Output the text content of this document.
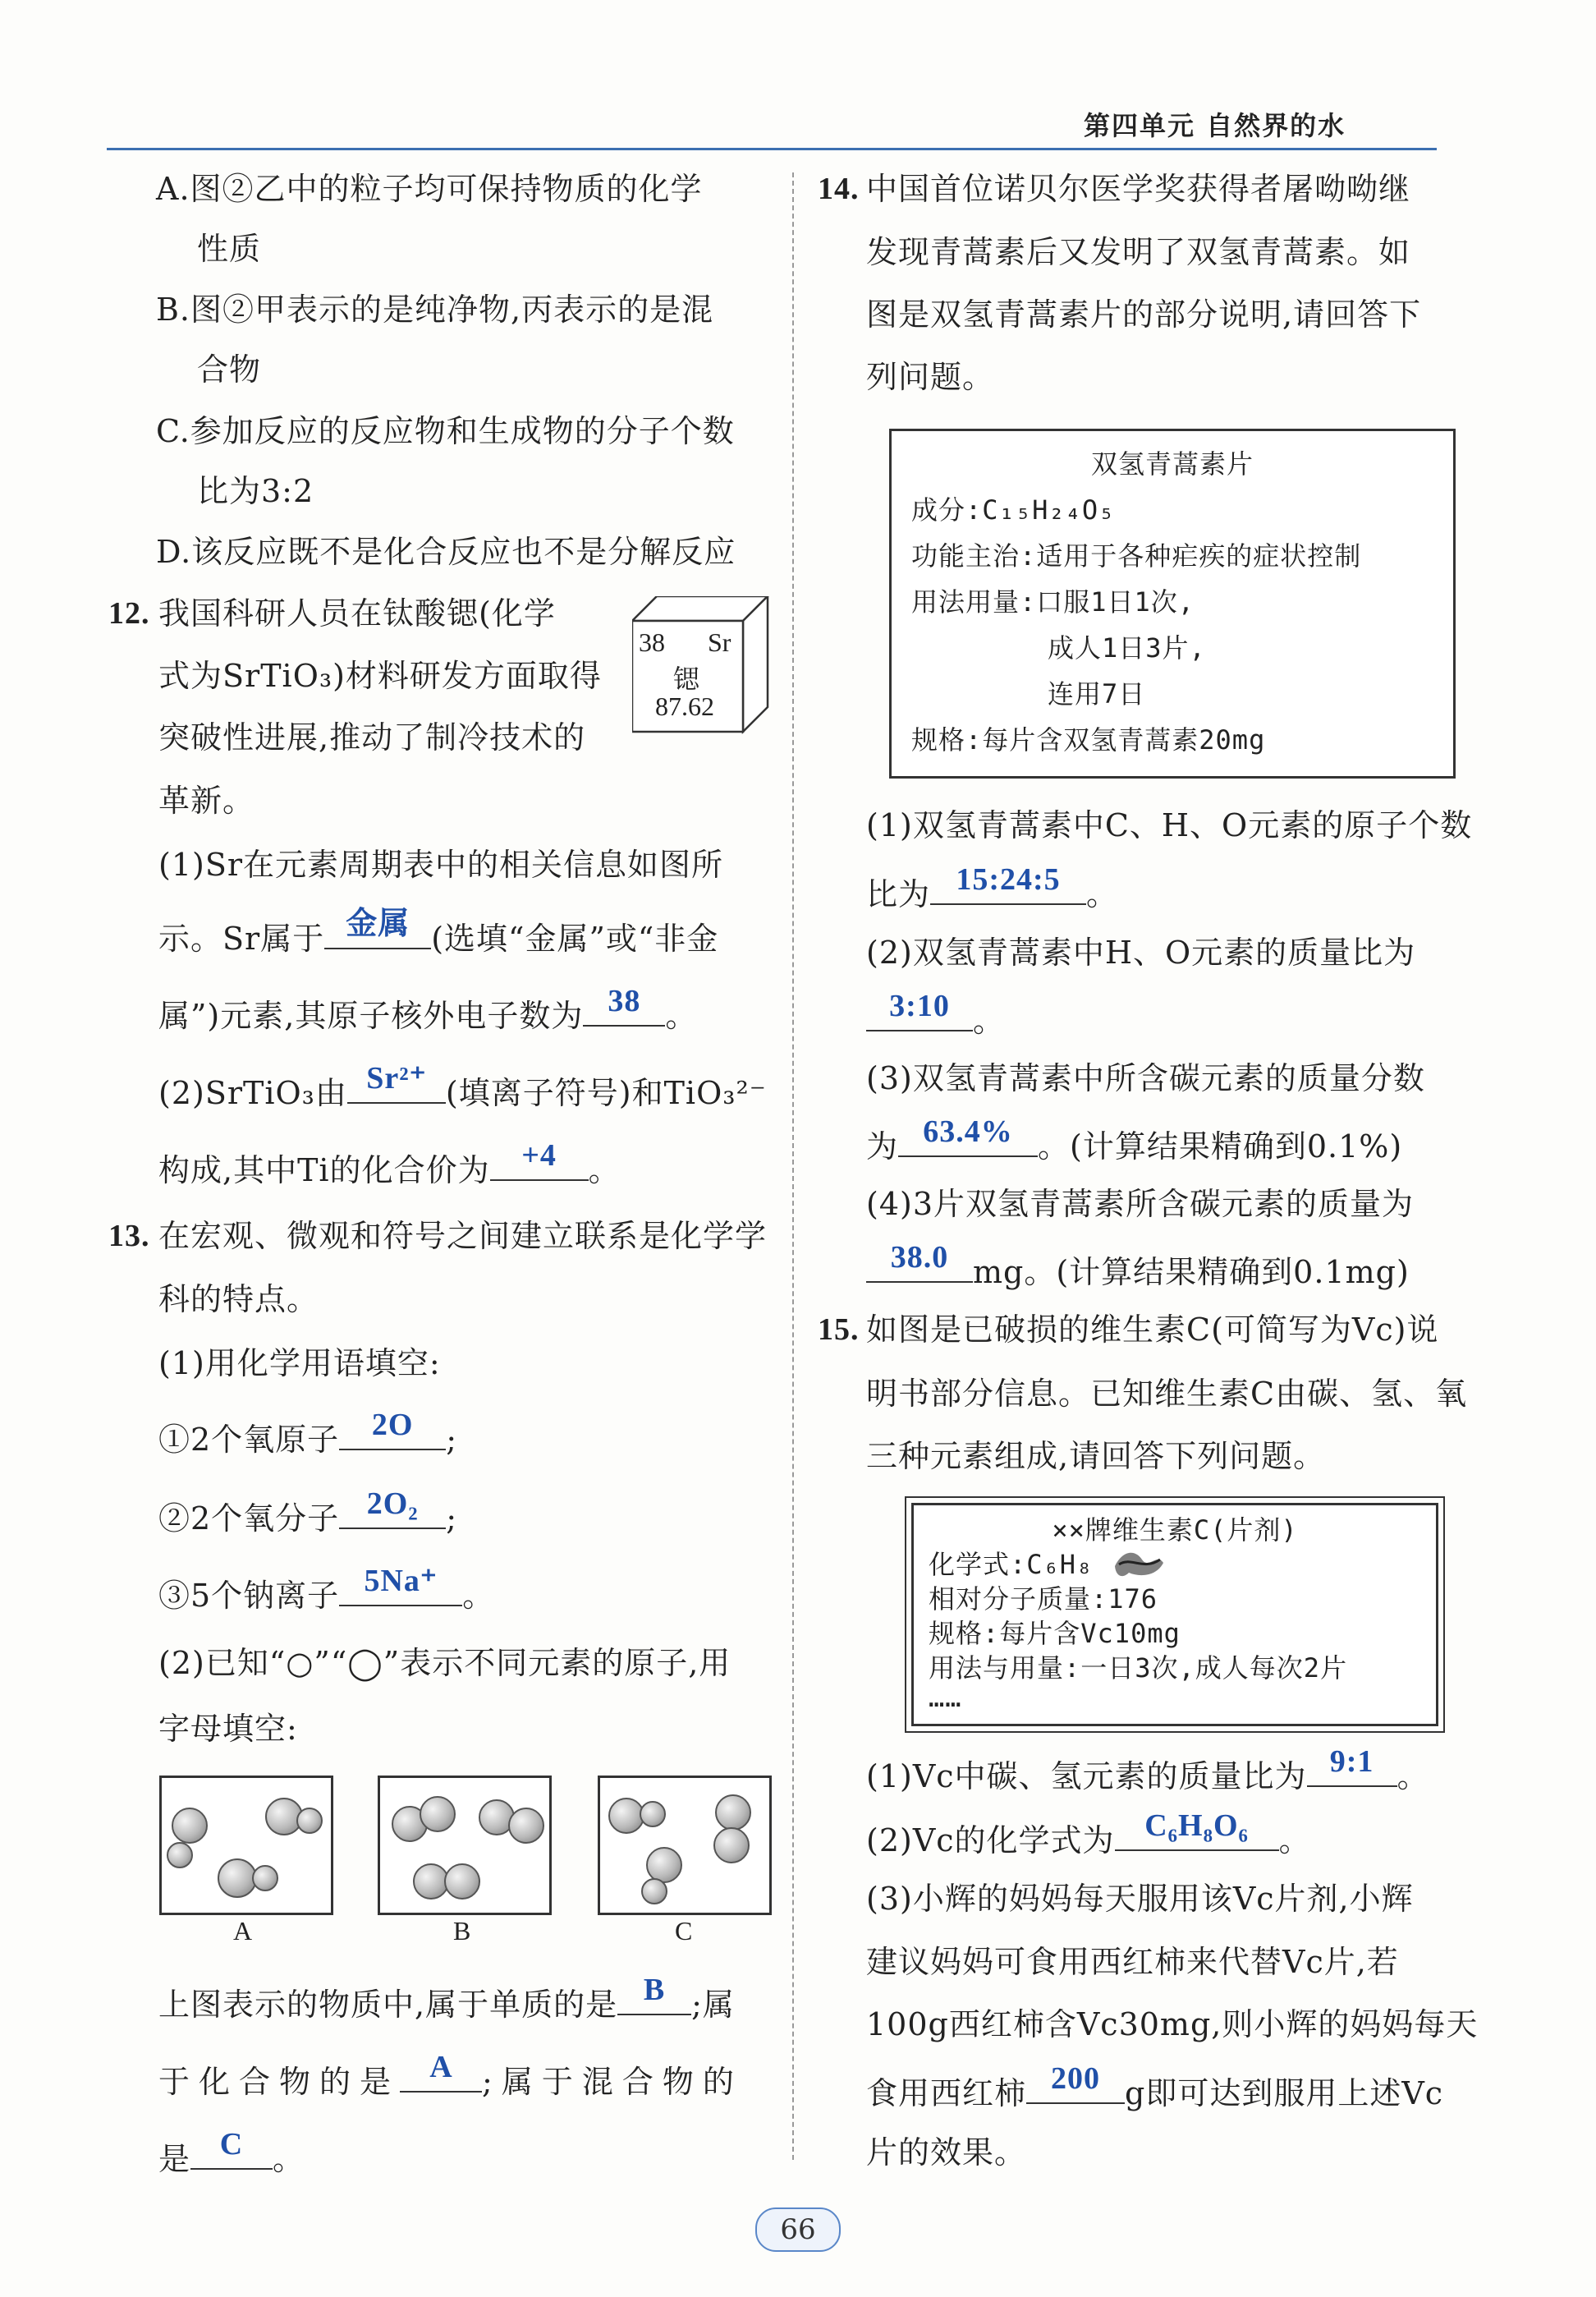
第四单元 自然界的水
A.图②乙中的粒子均可保持物质的化学
性质
B.图②甲表示的是纯净物,丙表示的是混
合物
C.参加反应的反应物和生成物的分子个数
比为3:2
D.该反应既不是化合反应也不是分解反应
12. 我国科研人员在钛酸锶(化学
式为SrTiO₃)材料研发方面取得
突破性进展,推动了制冷技术的
革新。
38 Sr
锶
87.62
(1)Sr在元素周期表中的相关信息如图所
示。Sr属于 金属 (选填“金属”或“非金
属”)元素,其原子核外电子数为 38 。
(2)SrTiO₃由 Sr²⁺ (填离子符号)和TiO₃²⁻
构成,其中Ti的化合价为	+4	。
13. 在宏观、微观和符号之间建立联系是化学学
科的特点。
(1)用化学用语填空:
①2个氧原子	2O	;
②2个氧分子 2O₂ ;
③5个钠离子 5Na⁺ 。
(2)已知“○”“◯”表示不同元素的原子,用
字母填空:
A	B	C
上图表示的物质中,属于单质的是 B ;属
于化合物的是 A ;属于混合物的
是 C 。
14. 中国首位诺贝尔医学奖获得者屠呦呦继
发现青蒿素后又发明了双氢青蒿素。如
图是双氢青蒿素片的部分说明,请回答下
列问题。
双氢青蒿素片
成分:C₁₅H₂₄O₅
功能主治:适用于各种疟疾的症状控制
用法用量:口服1日1次,
成人1日3片,
连用7日
规格:每片含双氢青蒿素20mg
(1)双氢青蒿素中C、H、O元素的原子个数
比为 15:24:5 。
(2)双氢青蒿素中H、O元素的质量比为
3:10 。
(3)双氢青蒿素中所含碳元素的质量分数
为 63.4% 。(计算结果精确到0.1%)
(4)3片双氢青蒿素所含碳元素的质量为
38.0 mg。(计算结果精确到0.1mg)
15. 如图是已破损的维生素C(可简写为Vc)说
明书部分信息。已知维生素C由碳、氢、氧
三种元素组成,请回答下列问题。
××牌维生素C(片剂)
化学式:C₆H₈
相对分子质量:176
规格:每片含Vc10mg
用法与用量:一日3次,成人每次2片
……
(1)Vc中碳、氢元素的质量比为 9:1 。
(2)Vc的化学式为 C₆H₈O₆ 。
(3)小辉的妈妈每天服用该Vc片剂,小辉
建议妈妈可食用西红柿来代替Vc片,若
100g西红柿含Vc30mg,则小辉的妈妈每天
食用西红柿 200 g即可达到服用上述Vc
片的效果。
66
